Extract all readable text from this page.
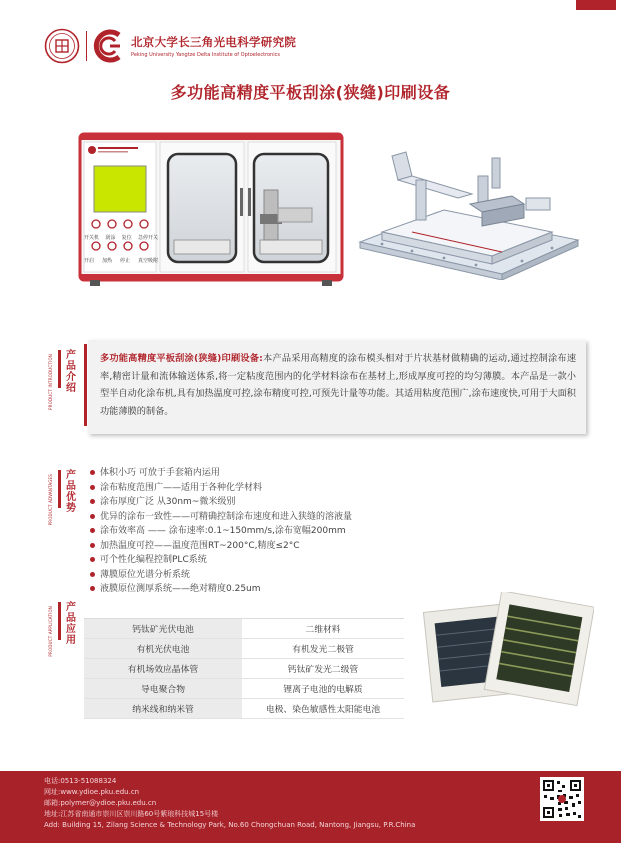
北京大学长三角光电科学研究院
Peking University Yangtze Delta Institute of Optoelectronics
多功能高精度平板刮涂(狭缝)印刷设备
开关机 刮涂 复位 急停开关
开启 加热 停止 真空吸附
产品介绍
PRODUCT INTRODUCTION	多功能高精度平板刮涂(狭缝)印刷设备:本产品采用高精度的涂布模头相对于片状基材做精确的运动,通过控制涂布速率,精密计量和流体输送体系,将一定粘度范围内的化学材料涂布在基材上,形成厚度可控的均匀薄膜。本产品是一款小型半自动化涂布机,具有加热温度可控,涂布精度可控,可预先计量等功能。其适用粘度范围广,涂布速度快,可用于大面积功能薄膜的制备。
产品优势
PRODUCT ADVANTAGES
体积小巧 可放于手套箱内运用
涂布粘度范围广——适用于各种化学材料
涂布厚度广泛 从30nm~微米级别
优异的涂布一致性——可精确控制涂布速度和进入狭缝的溶液量
涂布效率高 —— 涂布速率:0.1~150mm/s,涂布宽幅200mm
加热温度可控——温度范围RT~200°C,精度≤2°C
可个性化编程控制PLC系统
薄膜原位光谱分析系统
液膜原位测厚系统——绝对精度0.25um
产品应用
PRODUCT APPLICATION	钙钛矿光伏电池	二维材料
有机光伏电池	有机发光二极管
有机场效应晶体管	钙钛矿发光二级管
导电聚合物	锂离子电池的电解质
纳米线和纳米管	电极、染色敏感性太阳能电池
电话:0513-51088324
网址:www.ydioe.pku.edu.cn
邮箱:polymer@ydioe.pku.edu.cn
地址:江苏省南通市崇川区崇川路60号紫琅科技城15号楼
Add: Building 15, Zilang Science & Technology Park, No.60 Chongchuan Road, Nantong, Jiangsu, P.R.China
